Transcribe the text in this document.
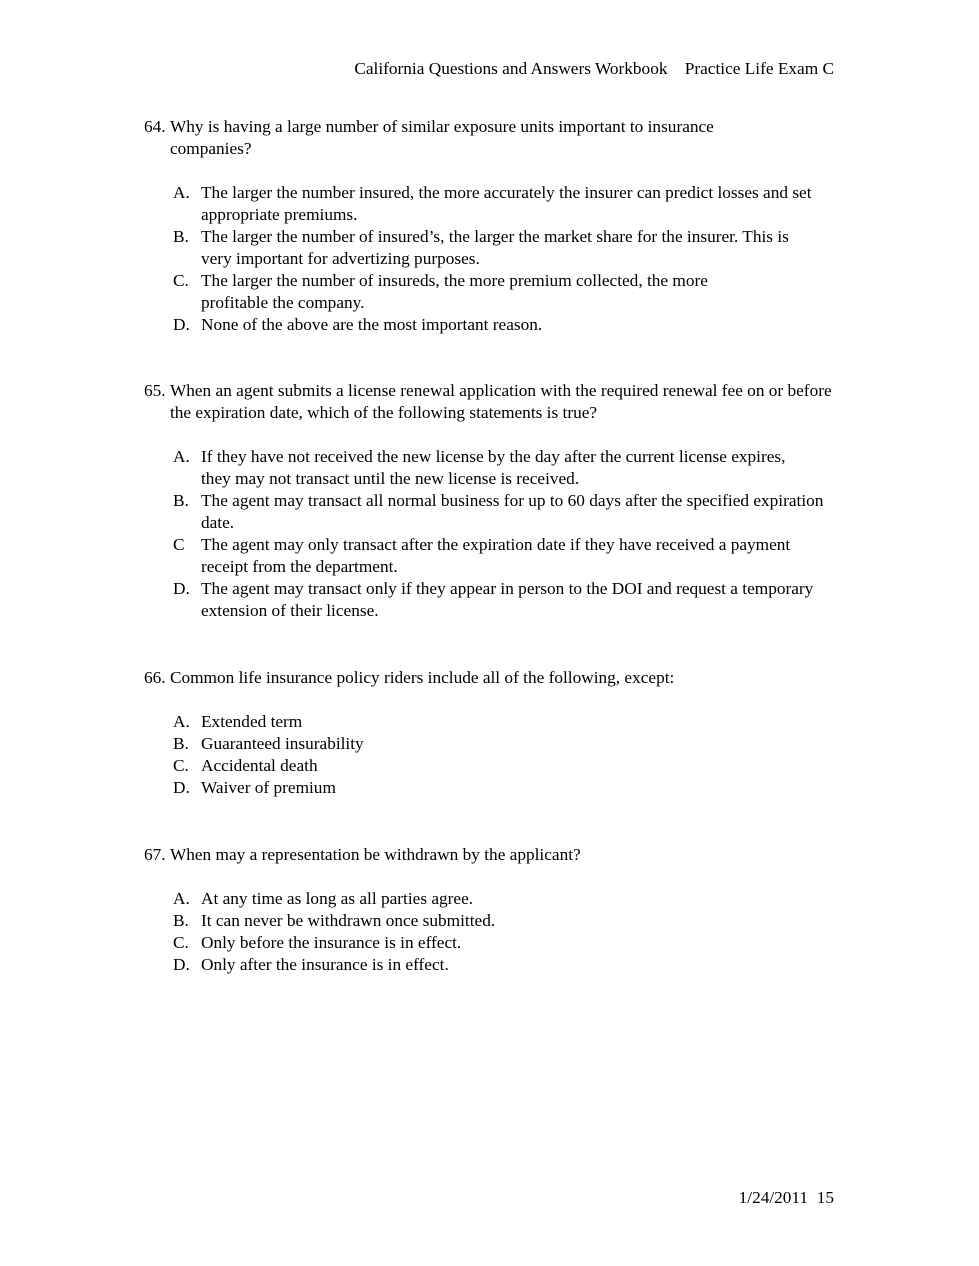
California Questions and Answers Workbook Practice Life Exam C
64.
Why is having a large number of similar exposure units important to insurance companies?
A. The larger the number insured, the more accurately the insurer can predict losses and set appropriate premiums.
B. The larger the number of insured’s, the larger the market share for the insurer. This is very important for advertizing purposes.
C. The larger the number of insureds, the more premium collected, the more profitable the company.
D. None of the above are the most important reason.
65.
When an agent submits a license renewal application with the required renewal fee on or before the expiration date, which of the following statements is true?
A. If they have not received the new license by the day after the current license expires, they may not transact until the new license is received.
B. The agent may transact all normal business for up to 60 days after the specified expiration date.
C The agent may only transact after the expiration date if they have received a payment receipt from the department.
D. The agent may transact only if they appear in person to the DOI and request a temporary extension of their license.
66.
Common life insurance policy riders include all of the following, except:
A. Extended term
B. Guaranteed insurability
C. Accidental death
D. Waiver of premium
67.
When may a representation be withdrawn by the applicant?
A. At any time as long as all parties agree.
B. It can never be withdrawn once submitted.
C. Only before the insurance is in effect.
D. Only after the insurance is in effect.
1/24/2011 15
